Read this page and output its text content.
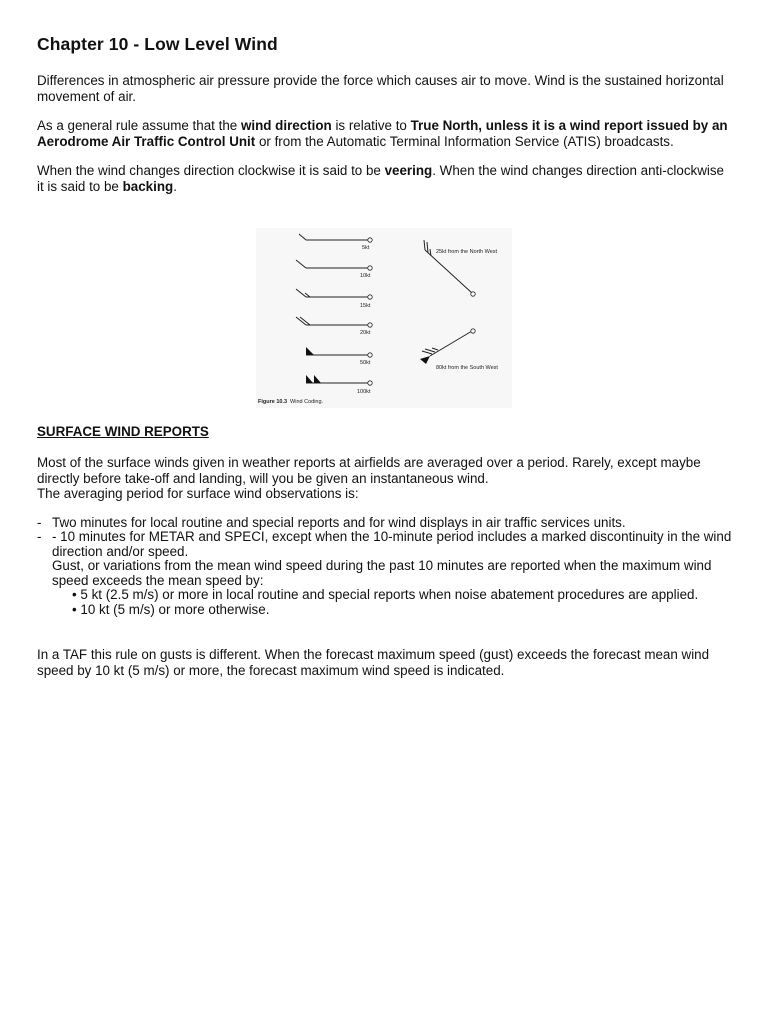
Chapter 10 - Low Level Wind

Differences in atmospheric air pressure provide the force which causes air to move. Wind is the sustained horizontal movement of air.

As a general rule assume that the wind direction is relative to True North, unless it is a wind report issued by an Aerodrome Air Traffic Control Unit or from the Automatic Terminal Information Service (ATIS) broadcasts.

When the wind changes direction clockwise it is said to be veering. When the wind changes direction anti-clockwise it is said to be backing.

5kt
10kt
15kt
20kt
50kt
100kt
25kt from the North West
80kt from the South West
Figure 10.3 Wind Coding.
SURFACE WIND REPORTS

Most of the surface winds given in weather reports at airfields are averaged over a period. Rarely, except maybe directly before take-off and landing, will you be given an instantaneous wind.
The averaging period for surface wind observations is:

- Two minutes for local routine and special reports and for wind displays in air traffic services units.
- - 10 minutes for METAR and SPECI, except when the 10-minute period includes a marked discontinuity in the wind direction and/or speed.
Gust, or variations from the mean wind speed during the past 10 minutes are reported when the maximum wind speed exceeds the mean speed by:
• 5 kt (2.5 m/s) or more in local routine and special reports when noise abatement procedures are applied.
• 10 kt (5 m/s) or more otherwise.

In a TAF this rule on gusts is different. When the forecast maximum speed (gust) exceeds the forecast mean wind speed by 10 kt (5 m/s) or more, the forecast maximum wind speed is indicated.
